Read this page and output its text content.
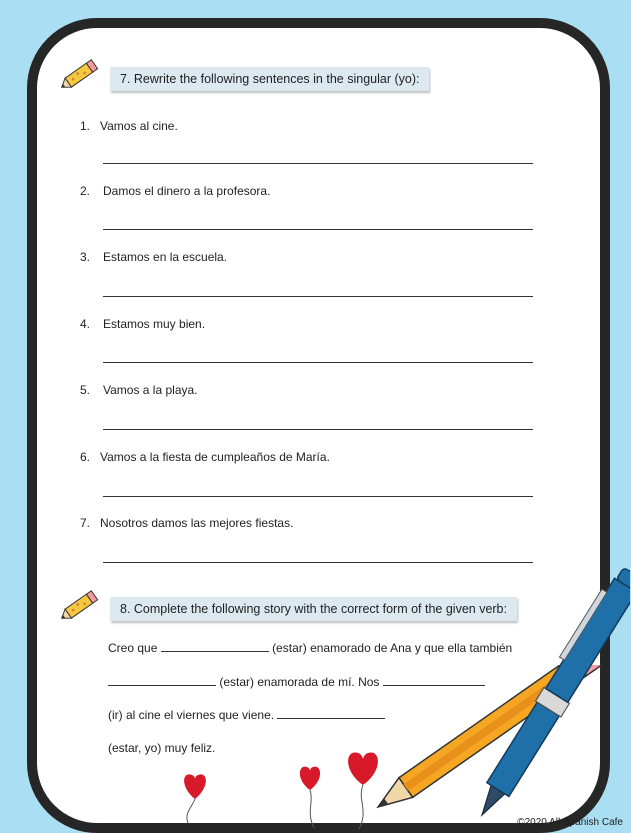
7. Rewrite the following sentences in the singular (yo):
1. Vamos al cine.
2. Damos el dinero a la profesora.
3. Estamos en la escuela.
4. Estamos muy bien.
5. Vamos a la playa.
6. Vamos a la fiesta de cumpleaños de María.
7. Nosotros damos las mejores fiestas.
8. Complete the following story with the correct form of the given verb:
Creo que	(estar) enamorado de Ana y que ella también
(estar) enamorada de mí. Nos
(ir) al cine el viernes que viene.
(estar, yo) muy feliz.
©2020 All Spanish Cafe
